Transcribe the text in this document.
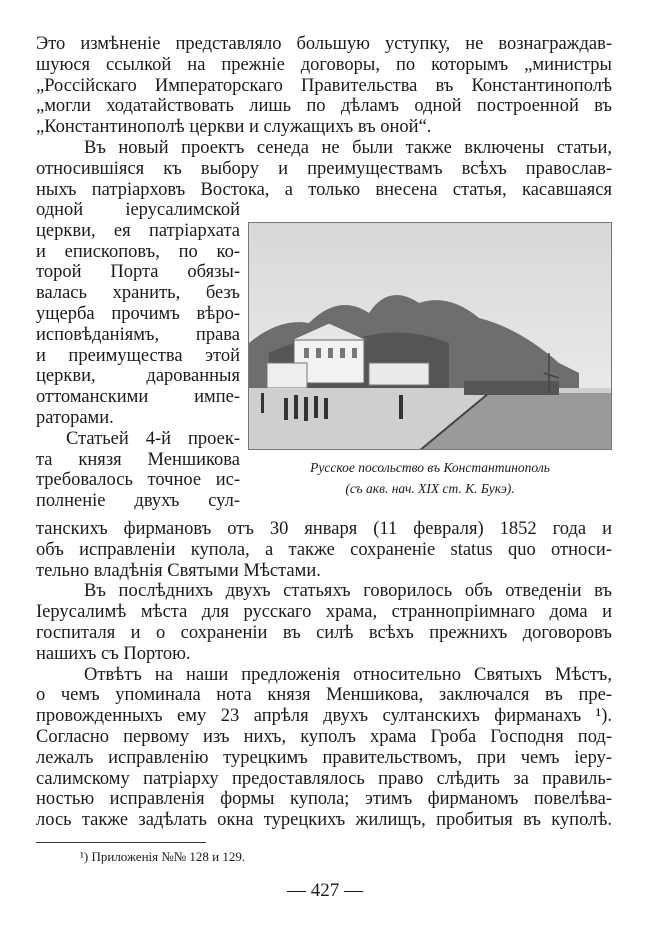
Это измѣненіе представляло большую уступку, не вознаграждав-
шуюся ссылкой на прежніе договоры, по которымъ „министры
„Россійскаго Императорскаго Правительства въ Константинополѣ
„могли ходатайствовать лишь по дѣламъ одной построенной въ
„Константинополѣ церкви и служащихъ въ оной“.
Въ новый проектъ сенеда не были также включены статьи,
относившіяся къ выбору и преимуществамъ всѣхъ православ-
ныхъ патріарховъ Востока, а только внесена статья, касавшаяся
одной іерусалимской
церкви, ея патріархата
и епископовъ, по ко-
торой Порта обязы-
валась хранить, безъ
ущерба прочимъ вѣро-
исповѣданіямъ, права
и преимущества этой
церкви, дарованныя
оттоманскими импе-
раторами.
Статьей 4-й проек-
та князя Меншикова
требовалось точное ис-
полненіе двухъ сул-
Русское посольство въ Константинополь
(съ акв. нач. XIX ст. К. Букэ).
танскихъ фирмановъ отъ 30 января (11 февраля) 1852 года и
объ исправленіи купола, а также сохраненіе status quo относи-
тельно владѣнія Святыми Мѣстами.
Въ послѣднихъ двухъ статьяхъ говорилось объ отведеніи въ
Іерусалимѣ мѣста для русскаго храма, страннопріимнаго дома и
госпиталя и о сохраненіи въ силѣ всѣхъ прежнихъ договоровъ
нашихъ съ Портою.
Отвѣтъ на наши предложенія относительно Святыхъ Мѣстъ,
о чемъ упоминала нота князя Меншикова, заключался въ пре-
провожденныхъ ему 23 апрѣля двухъ султанскихъ фирманахъ ¹).
Согласно первому изъ нихъ, куполъ храма Гроба Господня под-
лежалъ исправленію турецкимъ правительствомъ, при чемъ іеру-
салимскому патріарху предоставлялось право слѣдить за правиль-
ностью исправленія формы купола; этимъ фирманомъ повелѣва-
лось также задѣлать окна турецкихъ жилищъ, пробитыя въ куполѣ.
¹) Приложенія №№ 128 и 129.
— 427 —
